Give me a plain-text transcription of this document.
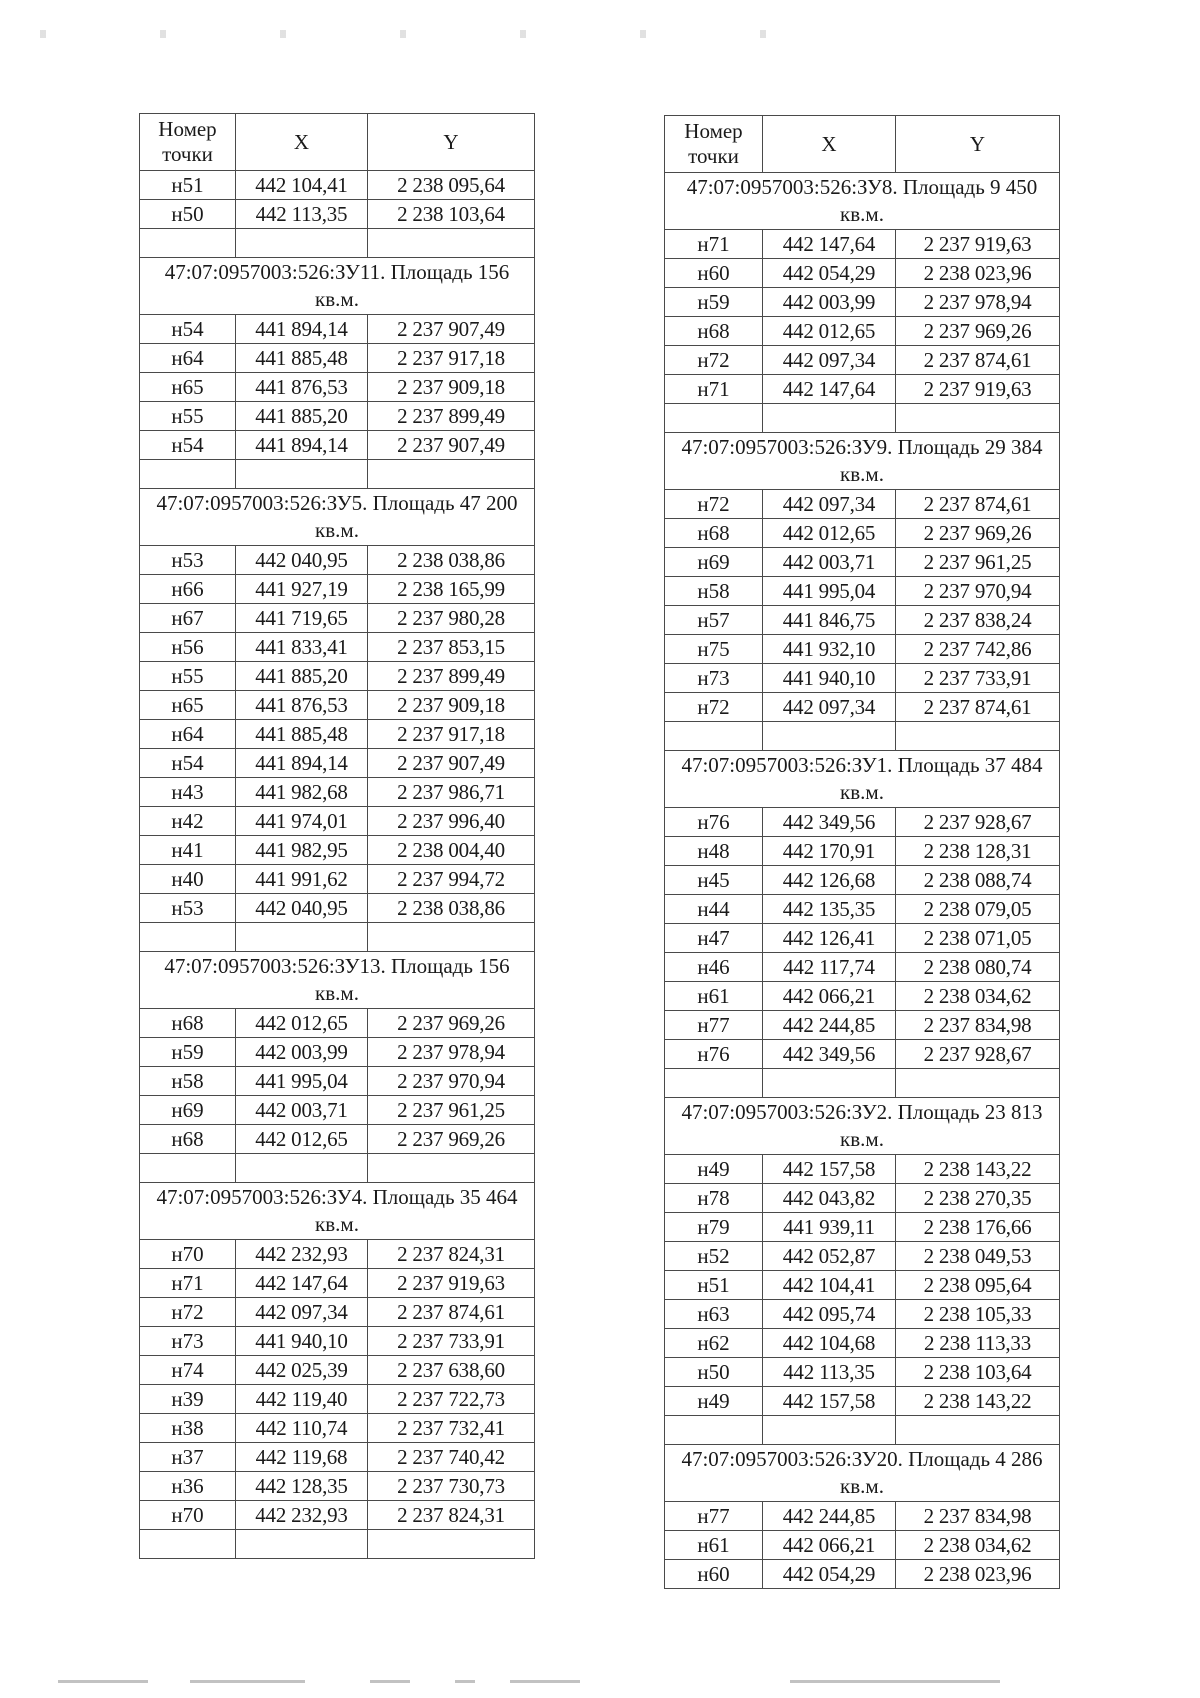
Номер точки	X	Y
н51	442 104,41	2 238 095,64
н50	442 113,35	2 238 103,64

47:07:0957003:526:ЗУ11. Площадь 156 кв.м.		
н54	441 894,14	2 237 907,49
н64	441 885,48	2 237 917,18
н65	441 876,53	2 237 909,18
н55	441 885,20	2 237 899,49
н54	441 894,14	2 237 907,49

47:07:0957003:526:ЗУ5. Площадь 47 200 кв.м.		
н53	442 040,95	2 238 038,86
н66	441 927,19	2 238 165,99
н67	441 719,65	2 237 980,28
н56	441 833,41	2 237 853,15
н55	441 885,20	2 237 899,49
н65	441 876,53	2 237 909,18
н64	441 885,48	2 237 917,18
н54	441 894,14	2 237 907,49
н43	441 982,68	2 237 986,71
н42	441 974,01	2 237 996,40
н41	441 982,95	2 238 004,40
н40	441 991,62	2 237 994,72
н53	442 040,95	2 238 038,86

47:07:0957003:526:ЗУ13. Площадь 156 кв.м.		
н68	442 012,65	2 237 969,26
н59	442 003,99	2 237 978,94
н58	441 995,04	2 237 970,94
н69	442 003,71	2 237 961,25
н68	442 012,65	2 237 969,26

47:07:0957003:526:ЗУ4. Площадь 35 464 кв.м.		
н70	442 232,93	2 237 824,31
н71	442 147,64	2 237 919,63
н72	442 097,34	2 237 874,61
н73	441 940,10	2 237 733,91
н74	442 025,39	2 237 638,60
н39	442 119,40	2 237 722,73
н38	442 110,74	2 237 732,41
н37	442 119,68	2 237 740,42
н36	442 128,35	2 237 730,73
н70	442 232,93	2 237 824,31

Номер точки	X	Y
47:07:0957003:526:ЗУ8. Площадь 9 450 кв.м.		
н71	442 147,64	2 237 919,63
н60	442 054,29	2 238 023,96
н59	442 003,99	2 237 978,94
н68	442 012,65	2 237 969,26
н72	442 097,34	2 237 874,61
н71	442 147,64	2 237 919,63

47:07:0957003:526:ЗУ9. Площадь 29 384 кв.м.		
н72	442 097,34	2 237 874,61
н68	442 012,65	2 237 969,26
н69	442 003,71	2 237 961,25
н58	441 995,04	2 237 970,94
н57	441 846,75	2 237 838,24
н75	441 932,10	2 237 742,86
н73	441 940,10	2 237 733,91
н72	442 097,34	2 237 874,61

47:07:0957003:526:ЗУ1. Площадь 37 484 кв.м.		
н76	442 349,56	2 237 928,67
н48	442 170,91	2 238 128,31
н45	442 126,68	2 238 088,74
н44	442 135,35	2 238 079,05
н47	442 126,41	2 238 071,05
н46	442 117,74	2 238 080,74
н61	442 066,21	2 238 034,62
н77	442 244,85	2 237 834,98
н76	442 349,56	2 237 928,67

47:07:0957003:526:ЗУ2. Площадь 23 813 кв.м.		
н49	442 157,58	2 238 143,22
н78	442 043,82	2 238 270,35
н79	441 939,11	2 238 176,66
н52	442 052,87	2 238 049,53
н51	442 104,41	2 238 095,64
н63	442 095,74	2 238 105,33
н62	442 104,68	2 238 113,33
н50	442 113,35	2 238 103,64
н49	442 157,58	2 238 143,22

47:07:0957003:526:ЗУ20. Площадь 4 286 кв.м.		
н77	442 244,85	2 237 834,98
н61	442 066,21	2 238 034,62
н60	442 054,29	2 238 023,96
